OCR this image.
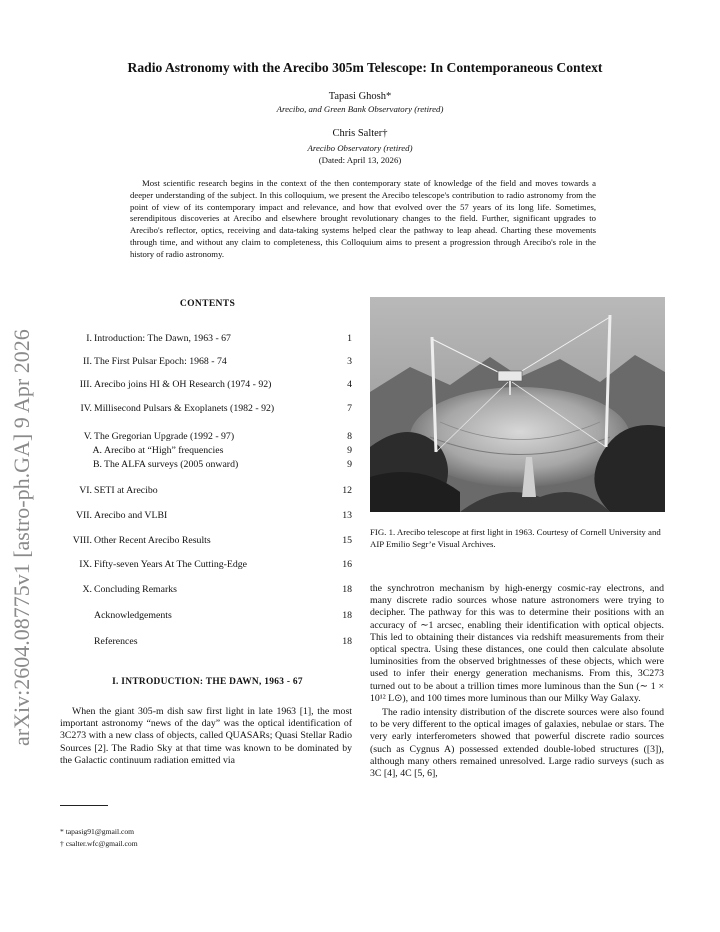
arXiv:2604.08775v1 [astro-ph.GA] 9 Apr 2026
Radio Astronomy with the Arecibo 305m Telescope: In Contemporaneous Context
Tapasi Ghosh*
Arecibo, and Green Bank Observatory (retired)
Chris Salter†
Arecibo Observatory (retired)
(Dated: April 13, 2026)
Most scientific research begins in the context of the then contemporary state of knowledge of the field and moves towards a deeper understanding of the subject. In this colloquium, we present the Arecibo telescope's contribution to radio astronomy from the point of view of its contemporary impact and relevance, and how that evolved over the 57 years of its long life. Sometimes, serendipitous discoveries at Arecibo and elsewhere brought revolutionary changes to the field. Further, significant upgrades to Arecibo's reflector, optics, receiving and data-taking systems helped clear the pathway to leap ahead. Charting these movements through time, and without any claim to completeness, this Colloquium aims to present a progression through Arecibo's role in the history of radio astronomy.
CONTENTS
I. Introduction: The Dawn, 1963 - 67	1
II. The First Pulsar Epoch: 1968 - 74	3
III. Arecibo joins HI & OH Research (1974 - 92)	4
IV. Millisecond Pulsars & Exoplanets (1982 - 92)	7
V. The Gregorian Upgrade (1992 - 97)	8
A. Arecibo at “High” frequencies	9
B. The ALFA surveys (2005 onward)	9
VI. SETI at Arecibo	12
VII. Arecibo and VLBI	13
VIII. Other Recent Arecibo Results	15
IX. Fifty-seven Years At The Cutting-Edge	16
X. Concluding Remarks	18
Acknowledgements	18
References	18
I. INTRODUCTION: THE DAWN, 1963 - 67
When the giant 305-m dish saw first light in late 1963 [1], the most important astronomy “news of the day” was the optical identification of 3C273 with a new class of objects, called QUASARs; Quasi Stellar Radio Sources [2]. The Radio Sky at that time was known to be dominated by the Galactic continuum radiation emitted via
* tapasig91@gmail.com
† csalter.wfc@gmail.com
FIG. 1. Arecibo telescope at first light in 1963. Courtesy of Cornell University and AIP Emilio Segr’e Visual Archives.

the synchrotron mechanism by high-energy cosmic-ray electrons, and many discrete radio sources whose nature astronomers were trying to decipher. The pathway for this was to determine their positions with an accuracy of ∼1 arcsec, enabling their identification with optical objects. This led to obtaining their distances via redshift measurements from their optical spectra. Using these distances, one could then calculate absolute luminosities from the observed brightnesses of these objects, which were used to infer their energy generation mechanisms. From this, 3C273 turned out to be about a trillion times more luminous than the Sun (∼ 1 × 10¹² L⊙), and 100 times more luminous than our Milky Way Galaxy.

The radio intensity distribution of the discrete sources were also found to be very different to the optical images of galaxies, nebulae or stars. The very early interferometers showed that powerful discrete radio sources (such as Cygnus A) possessed extended double-lobed structures ([3]), although many others remained unresolved. Large radio surveys (such as 3C [4], 4C [5, 6],
